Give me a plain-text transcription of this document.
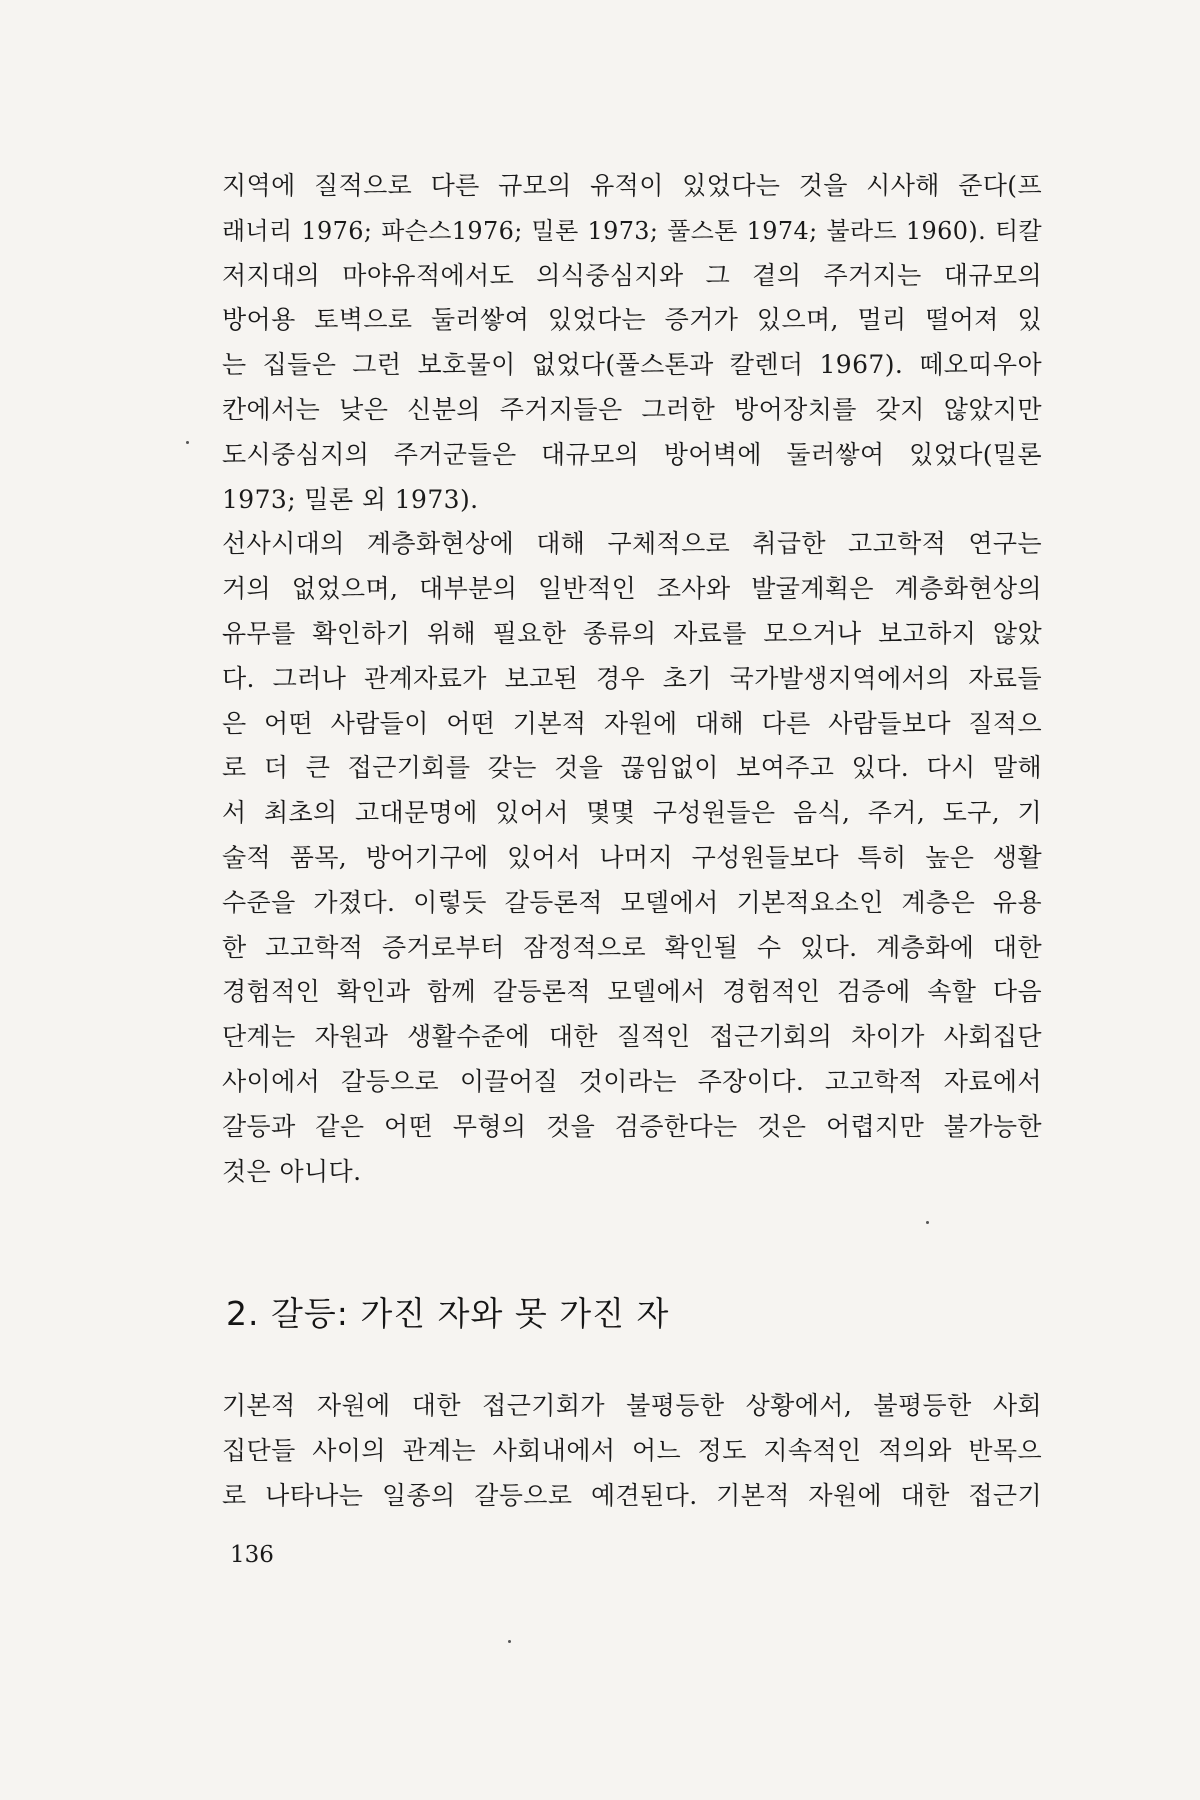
지역에 질적으로 다른 규모의 유적이 있었다는 것을 시사해 준다(프
래너리 1976; 파슨스1976; 밀론 1973; 풀스톤 1974; 불라드 1960). 티칼
저지대의 마야유적에서도 의식중심지와 그 곁의 주거지는 대규모의
방어용 토벽으로 둘러쌓여 있었다는 증거가 있으며, 멀리 떨어져 있
는 집들은 그런 보호물이 없었다(풀스톤과 칼렌더 1967). 떼오띠우아
칸에서는 낮은 신분의 주거지들은 그러한 방어장치를 갖지 않았지만
도시중심지의 주거군들은 대규모의 방어벽에 둘러쌓여 있었다(밀론
1973; 밀론 외 1973).
선사시대의 계층화현상에 대해 구체적으로 취급한 고고학적 연구는
거의 없었으며, 대부분의 일반적인 조사와 발굴계획은 계층화현상의
유무를 확인하기 위해 필요한 종류의 자료를 모으거나 보고하지 않았
다. 그러나 관계자료가 보고된 경우 초기 국가발생지역에서의 자료들
은 어떤 사람들이 어떤 기본적 자원에 대해 다른 사람들보다 질적으
로 더 큰 접근기회를 갖는 것을 끊임없이 보여주고 있다. 다시 말해
서 최초의 고대문명에 있어서 몇몇 구성원들은 음식, 주거, 도구, 기
술적 품목, 방어기구에 있어서 나머지 구성원들보다 특히 높은 생활
수준을 가졌다. 이렇듯 갈등론적 모델에서 기본적요소인 계층은 유용
한 고고학적 증거로부터 잠정적으로 확인될 수 있다. 계층화에 대한
경험적인 확인과 함께 갈등론적 모델에서 경험적인 검증에 속할 다음
단계는 자원과 생활수준에 대한 질적인 접근기회의 차이가 사회집단
사이에서 갈등으로 이끌어질 것이라는 주장이다. 고고학적 자료에서
갈등과 같은 어떤 무형의 것을 검증한다는 것은 어렵지만 불가능한
것은 아니다.
2. 갈등: 가진 자와 못 가진 자
기본적 자원에 대한 접근기회가 불평등한 상황에서, 불평등한 사회
집단들 사이의 관계는 사회내에서 어느 정도 지속적인 적의와 반목으
로 나타나는 일종의 갈등으로 예견된다. 기본적 자원에 대한 접근기
136
